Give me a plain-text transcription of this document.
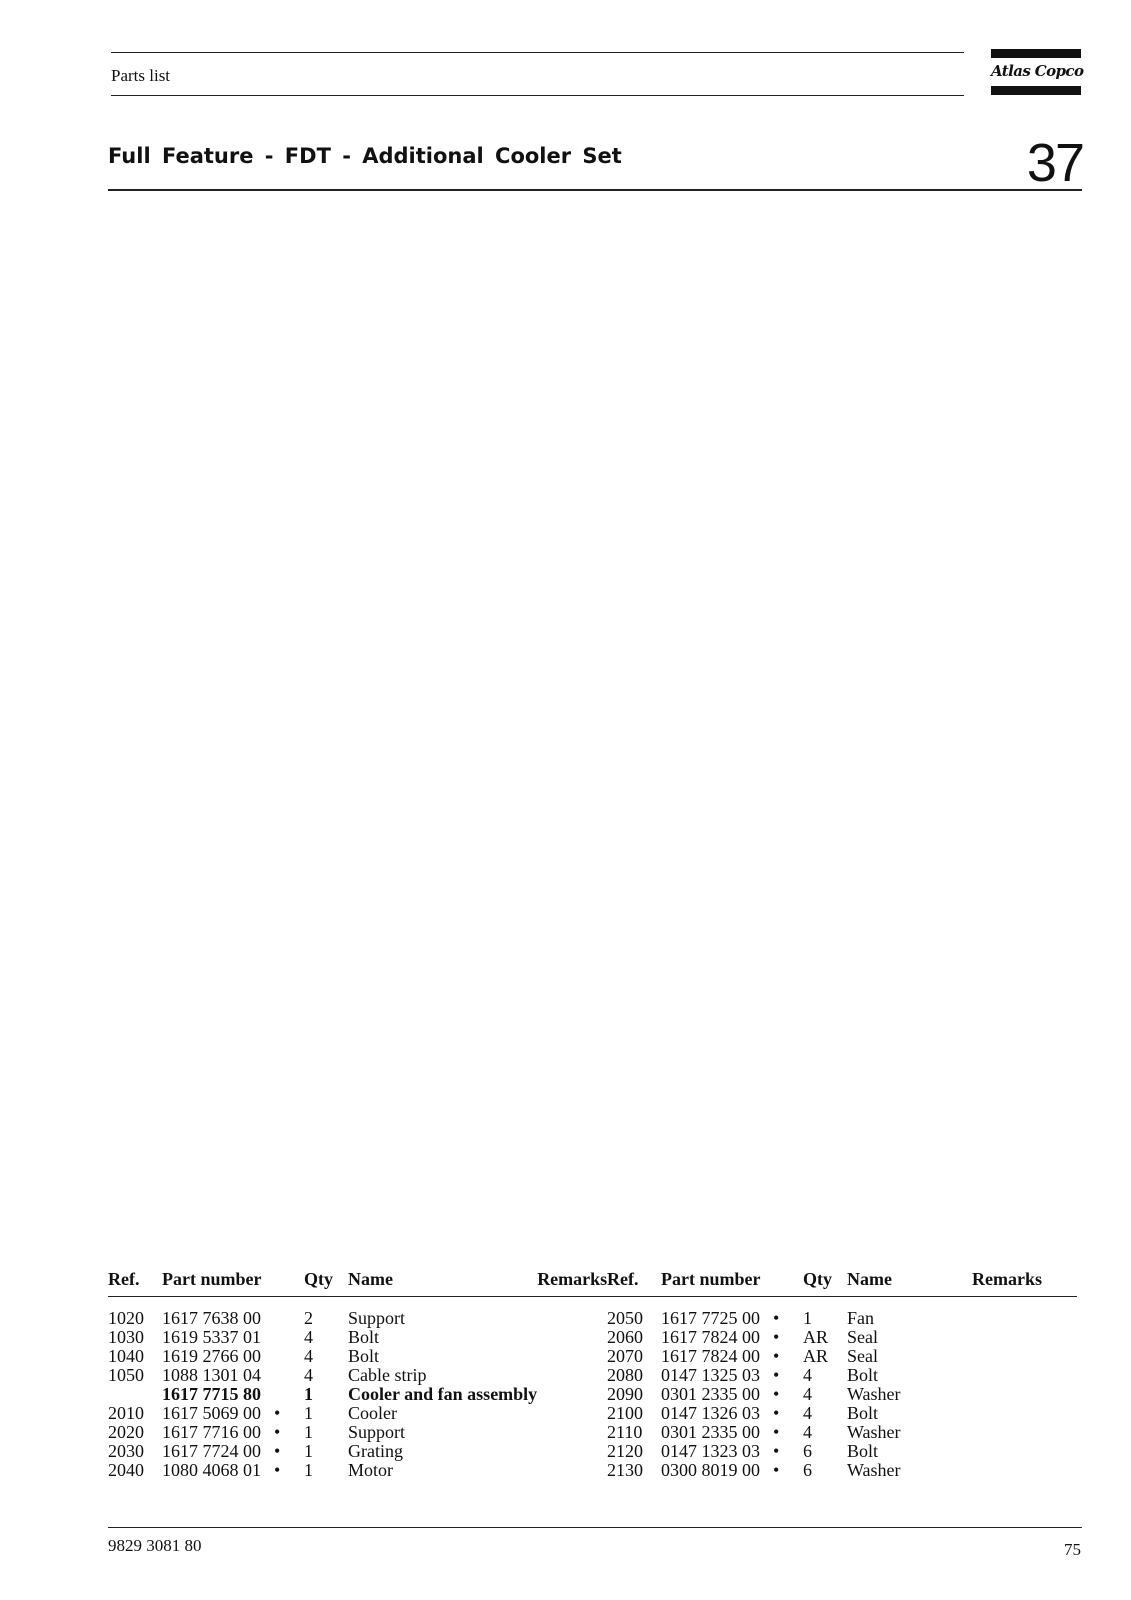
Parts list	Atlas Copco
Full Feature - FDT - Additional Cooler Set	37
Ref.	Part number		Qty	Name	Remarks

1020	1617 7638 00		2	Support	
1030	1619 5337 01		4	Bolt	
1040	1619 2766 00		4	Bolt	
1050	1088 1301 04		4	Cable strip	
	1617 7715 80		1	Cooler and fan assembly	
2010	1617 5069 00	•	1	Cooler	
2020	1617 7716 00	•	1	Support	
2030	1617 7724 00	•	1	Grating	
2040	1080 4068 01	•	1	Motor	
Ref.	Part number		Qty	Name	Remarks

2050	1617 7725 00	•	1	Fan	
2060	1617 7824 00	•	AR	Seal	
2070	1617 7824 00	•	AR	Seal	
2080	0147 1325 03	•	4	Bolt	
2090	0301 2335 00	•	4	Washer	
2100	0147 1326 03	•	4	Bolt	
2110	0301 2335 00	•	4	Washer	
2120	0147 1323 03	•	6	Bolt	
2130	0300 8019 00	•	6	Washer	
9829 3081 80	75
